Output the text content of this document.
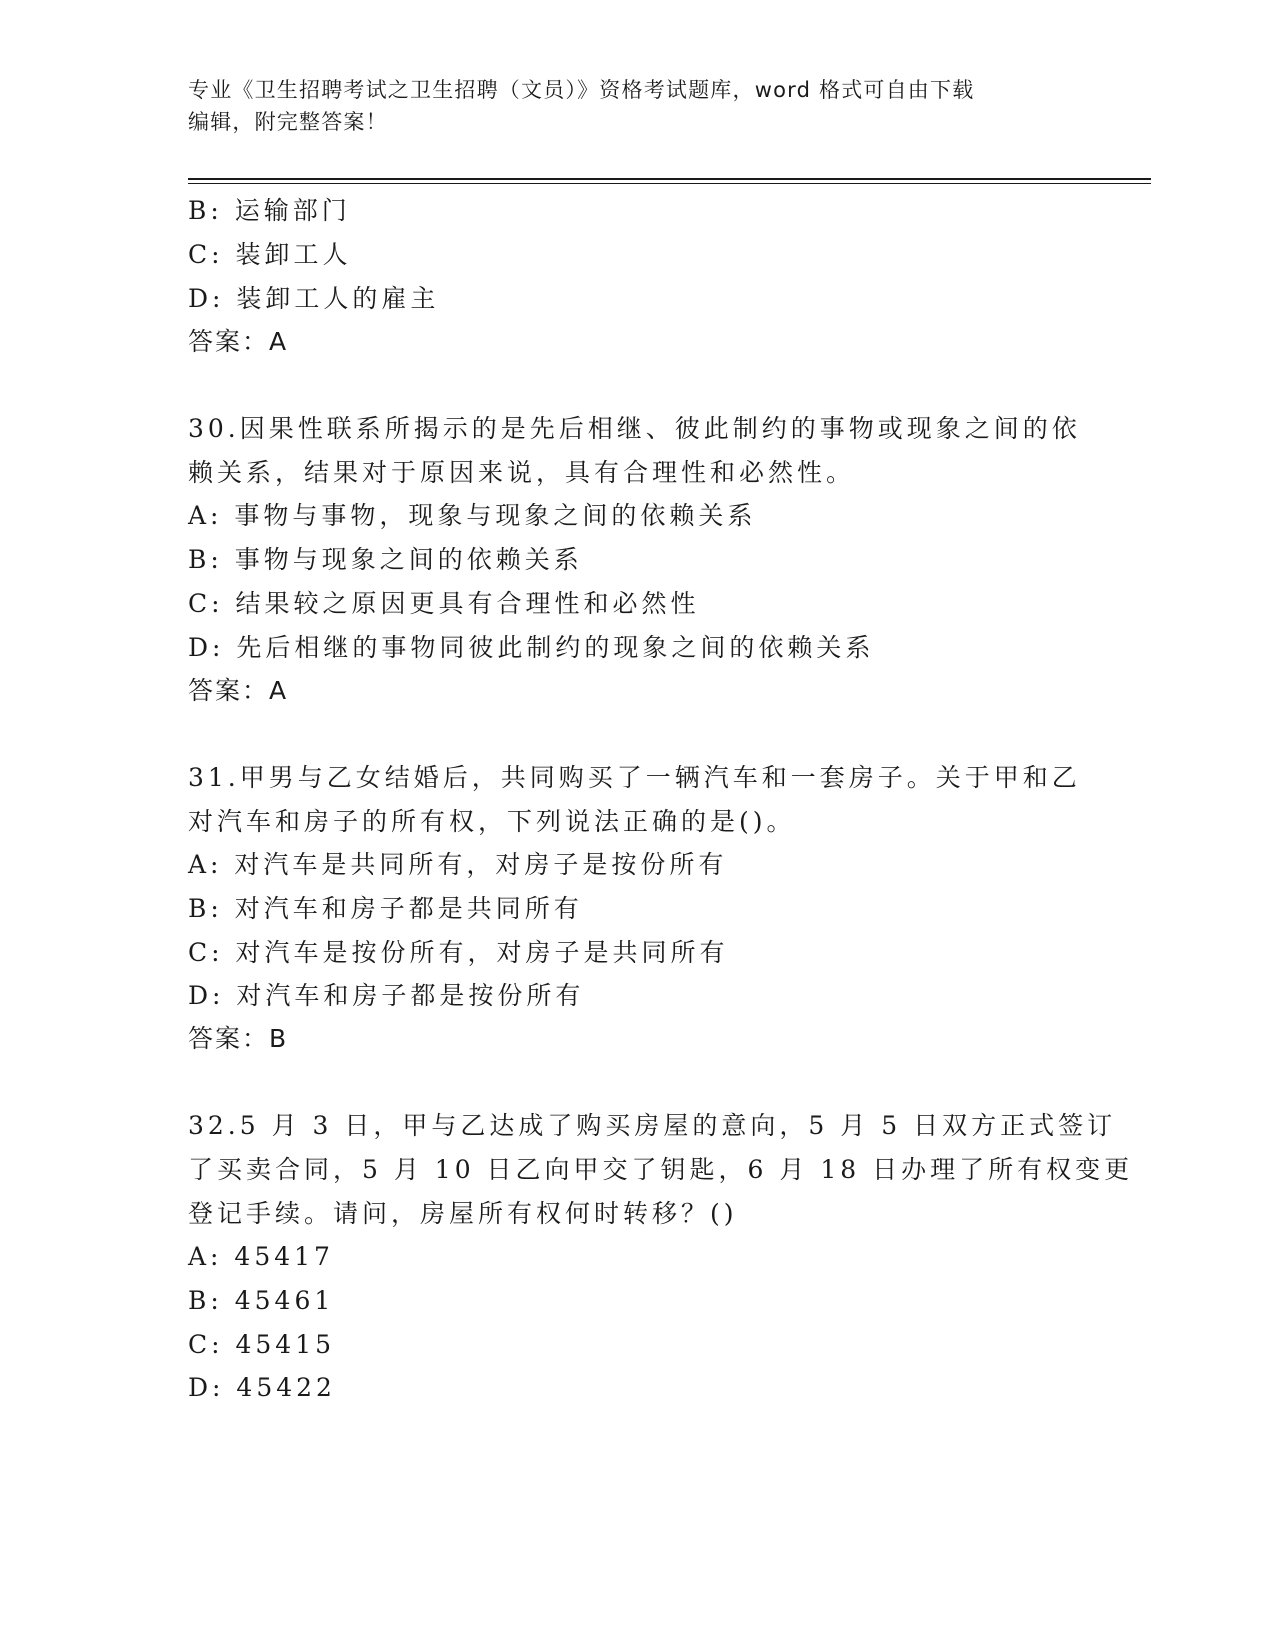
专业《卫生招聘考试之卫生招聘（文员）》资格考试题库，word 格式可自由下载
编辑，附完整答案！
B: 运输部门
C: 装卸工人
D: 装卸工人的雇主
答案：A
30.因果性联系所揭示的是先后相继、彼此制约的事物或现象之间的依
赖关系，结果对于原因来说，具有合理性和必然性。
A: 事物与事物，现象与现象之间的依赖关系
B: 事物与现象之间的依赖关系
C: 结果较之原因更具有合理性和必然性
D: 先后相继的事物同彼此制约的现象之间的依赖关系
答案：A
31.甲男与乙女结婚后，共同购买了一辆汽车和一套房子。关于甲和乙
对汽车和房子的所有权，下列说法正确的是()。
A: 对汽车是共同所有，对房子是按份所有
B: 对汽车和房子都是共同所有
C: 对汽车是按份所有，对房子是共同所有
D: 对汽车和房子都是按份所有
答案：B
32.5 月 3 日，甲与乙达成了购买房屋的意向，5 月 5 日双方正式签订
了买卖合同，5 月 10 日乙向甲交了钥匙，6 月 18 日办理了所有权变更
登记手续。请问，房屋所有权何时转移？()
A: 45417
B: 45461
C: 45415
D: 45422
